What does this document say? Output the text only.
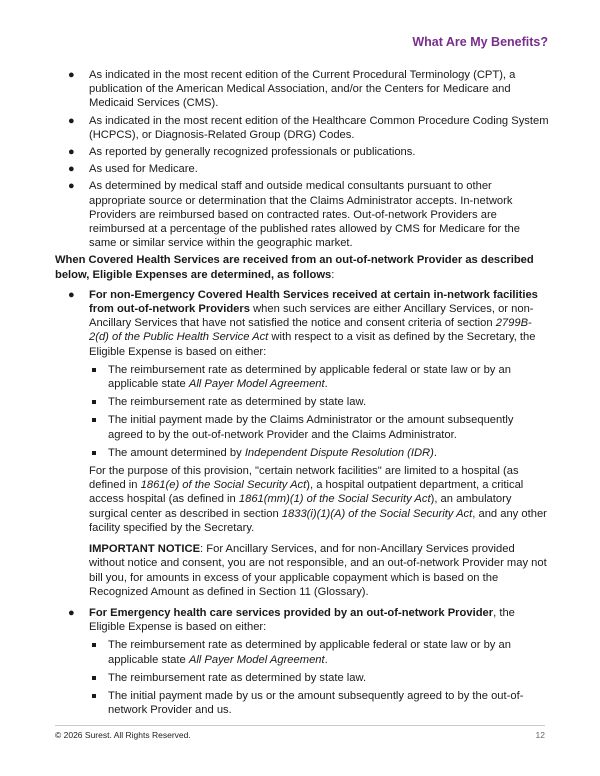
What Are My Benefits?
● As indicated in the most recent edition of the Current Procedural Terminology (CPT), a publication of the American Medical Association, and/or the Centers for Medicare and Medicaid Services (CMS).
● As indicated in the most recent edition of the Healthcare Common Procedure Coding System (HCPCS), or Diagnosis-Related Group (DRG) Codes.
● As reported by generally recognized professionals or publications.
● As used for Medicare.
● As determined by medical staff and outside medical consultants pursuant to other appropriate source or determination that the Claims Administrator accepts. In-network Providers are reimbursed based on contracted rates. Out-of-network Providers are reimbursed at a percentage of the published rates allowed by CMS for Medicare for the same or similar service within the geographic market.
When Covered Health Services are received from an out-of-network Provider as described below, Eligible Expenses are determined, as follows:
● For non-Emergency Covered Health Services received at certain in-network facilities from out-of-network Providers when such services are either Ancillary Services, or non-Ancillary Services that have not satisfied the notice and consent criteria of section 2799B-2(d) of the Public Health Service Act with respect to a visit as defined by the Secretary, the Eligible Expense is based on either:
The reimbursement rate as determined by applicable federal or state law or by an applicable state All Payer Model Agreement.
The reimbursement rate as determined by state law.
The initial payment made by the Claims Administrator or the amount subsequently agreed to by the out-of-network Provider and the Claims Administrator.
The amount determined by Independent Dispute Resolution (IDR).

For the purpose of this provision, "certain network facilities" are limited to a hospital (as defined in 1861(e) of the Social Security Act), a hospital outpatient department, a critical access hospital (as defined in 1861(mm)(1) of the Social Security Act), an ambulatory surgical center as described in section 1833(i)(1)(A) of the Social Security Act, and any other facility specified by the Secretary.

IMPORTANT NOTICE: For Ancillary Services, and for non-Ancillary Services provided without notice and consent, you are not responsible, and an out-of-network Provider may not bill you, for amounts in excess of your applicable copayment which is based on the Recognized Amount as defined in Section 11 (Glossary).

● For Emergency health care services provided by an out-of-network Provider, the Eligible Expense is based on either:
The reimbursement rate as determined by applicable federal or state law or by an applicable state All Payer Model Agreement.
The reimbursement rate as determined by state law.
The initial payment made by us or the amount subsequently agreed to by the out-of-network Provider and us.
© 2026 Surest. All Rights Reserved.	12
